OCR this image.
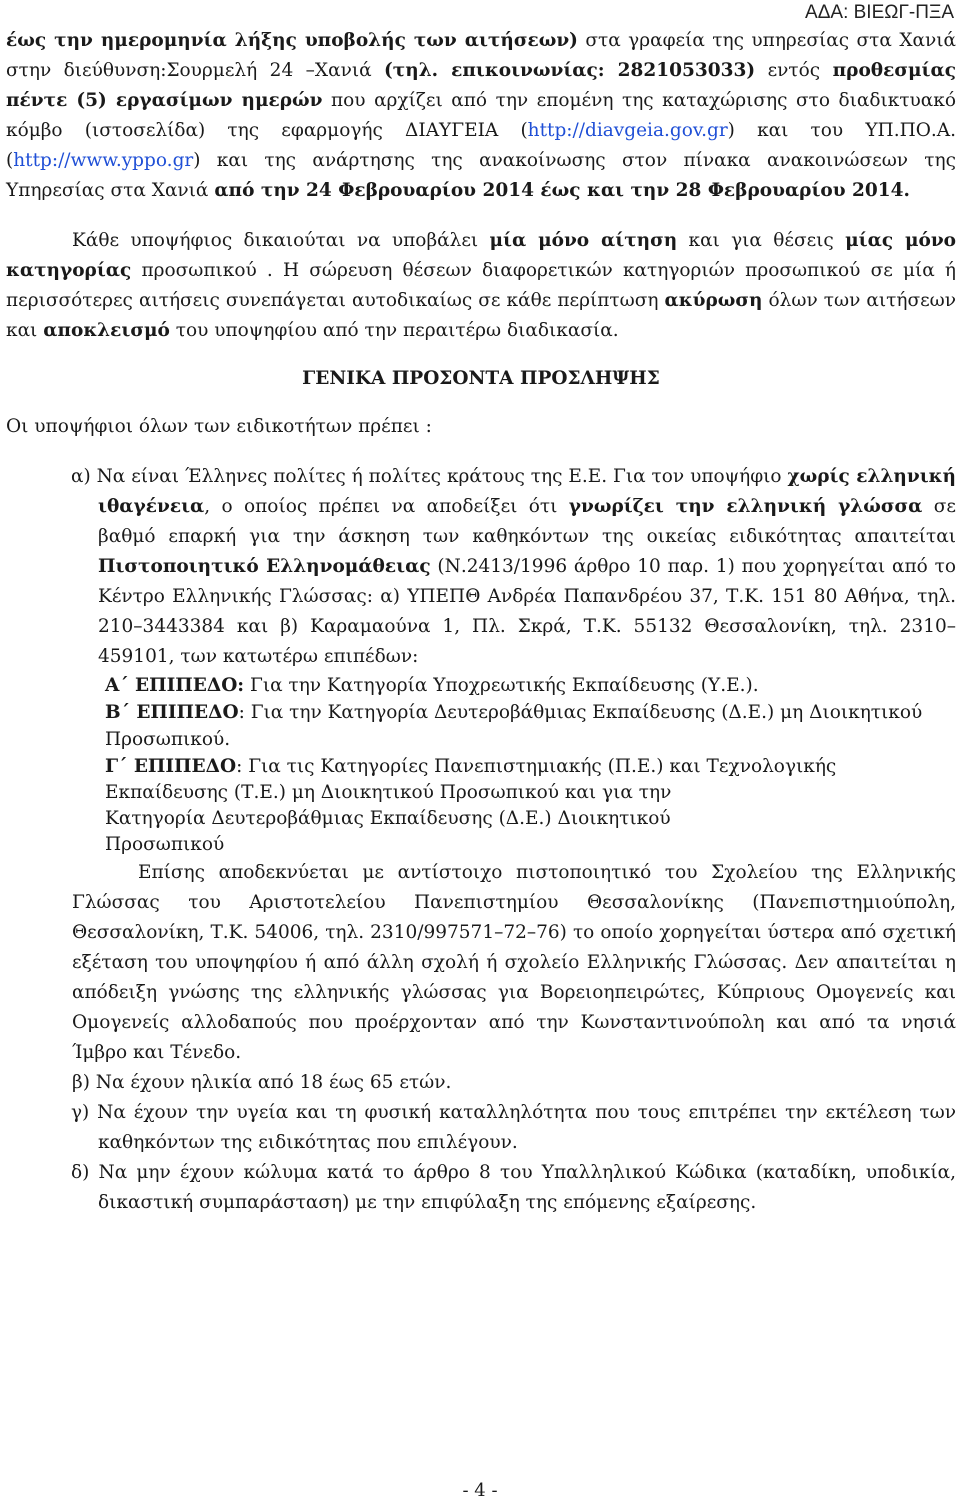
ΑΔΑ: ΒΙΕΩΓ-ΠΞΑ

έως την ημερομηνία λήξης υποβολής των αιτήσεων) στα γραφεία της υπηρεσίας στα Χανιά στην διεύθυνση:Σουρμελή 24 –Χανιά (τηλ. επικοινωνίας: 2821053033) εντός προθεσμίας πέντε (5) εργασίμων ημερών που αρχίζει από την επομένη της καταχώρισης στο διαδικτυακό κόμβο (ιστοσελίδα) της εφαρμογής ΔΙΑΥΓΕΙΑ (http://diavgeia.gov.gr) και του ΥΠ.ΠΟ.Α. (http://www.yppo.gr) και της ανάρτησης της ανακοίνωσης στον πίνακα ανακοινώσεων της Υπηρεσίας στα Χανιά από την 24 Φεβρουαρίου 2014 έως και την 28 Φεβρουαρίου 2014.

Κάθε υποψήφιος δικαιούται να υποβάλει μία μόνο αίτηση και για θέσεις μίας μόνο κατηγορίας προσωπικού . Η σώρευση θέσεων διαφορετικών κατηγοριών προσωπικού σε μία ή περισσότερες αιτήσεις συνεπάγεται αυτοδικαίως σε κάθε περίπτωση ακύρωση όλων των αιτήσεων και αποκλεισμό του υποψηφίου από την περαιτέρω διαδικασία.

ΓΕΝΙΚΑ ΠΡΟΣΟΝΤΑ ΠΡΟΣΛΗΨΗΣ

Οι υποψήφιοι όλων των ειδικοτήτων πρέπει :

α) Να είναι Έλληνες πολίτες ή πολίτες κράτους της Ε.Ε. Για τον υποψήφιο χωρίς ελληνική ιθαγένεια, ο οποίος πρέπει να αποδείξει ότι γνωρίζει την ελληνική γλώσσα σε βαθμό επαρκή για την άσκηση των καθηκόντων της οικείας ειδικότητας απαιτείται Πιστοποιητικό Ελληνομάθειας (Ν.2413/1996 άρθρο 10 παρ. 1) που χορηγείται από το Κέντρο Ελληνικής Γλώσσας: α) ΥΠΕΠΘ Ανδρέα Παπανδρέου 37, Τ.Κ. 151 80 Αθήνα, τηλ. 210–3443384 και β) Καραμαούνα 1, Πλ. Σκρά, Τ.Κ. 55132 Θεσσαλονίκη, τηλ. 2310– 459101, των κατωτέρω επιπέδων:

Α΄ ΕΠΙΠΕΔΟ: Για την Κατηγορία Υποχρεωτικής Εκπαίδευσης (Υ.Ε.).

Β΄ ΕΠΙΠΕΔΟ: Για την Κατηγορία Δευτεροβάθμιας Εκπαίδευσης (Δ.Ε.) μη Διοικητικού Προσωπικού.

Γ΄ ΕΠΙΠΕΔΟ: Για τις Κατηγορίες Πανεπιστημιακής (Π.Ε.) και Τεχνολογικής

Εκπαίδευσης (Τ.Ε.) μη Διοικητικού Προσωπικού και για την

Κατηγορία Δευτεροβάθμιας Εκπαίδευσης (Δ.Ε.) Διοικητικού

Προσωπικού

Επίσης αποδεκνύεται με αντίστοιχο πιστοποιητικό του Σχολείου της Ελληνικής Γλώσσας του Αριστοτελείου Πανεπιστημίου Θεσσαλονίκης (Πανεπιστημιούπολη, Θεσσαλονίκη, Τ.Κ. 54006, τηλ. 2310/997571–72–76) το οποίο χορηγείται ύστερα από σχετική εξέταση του υποψηφίου ή από άλλη σχολή ή σχολείο Ελληνικής Γλώσσας. Δεν απαιτείται η απόδειξη γνώσης της ελληνικής γλώσσας για Βορειοηπειρώτες, Κύπριους Ομογενείς και Ομογενείς αλλοδαπούς που προέρχονταν από την Κωνσταντινούπολη και από τα νησιά Ίμβρο και Τένεδο.

β) Να έχουν ηλικία από 18 έως 65 ετών.

γ) Να έχουν την υγεία και τη φυσική καταλληλότητα που τους επιτρέπει την εκτέλεση των καθηκόντων της ειδικότητας που επιλέγουν.

δ) Να μην έχουν κώλυμα κατά το άρθρο 8 του Υπαλληλικού Κώδικα (καταδίκη, υποδικία, δικαστική συμπαράσταση) με την επιφύλαξη της επόμενης εξαίρεσης.

- 4 -
